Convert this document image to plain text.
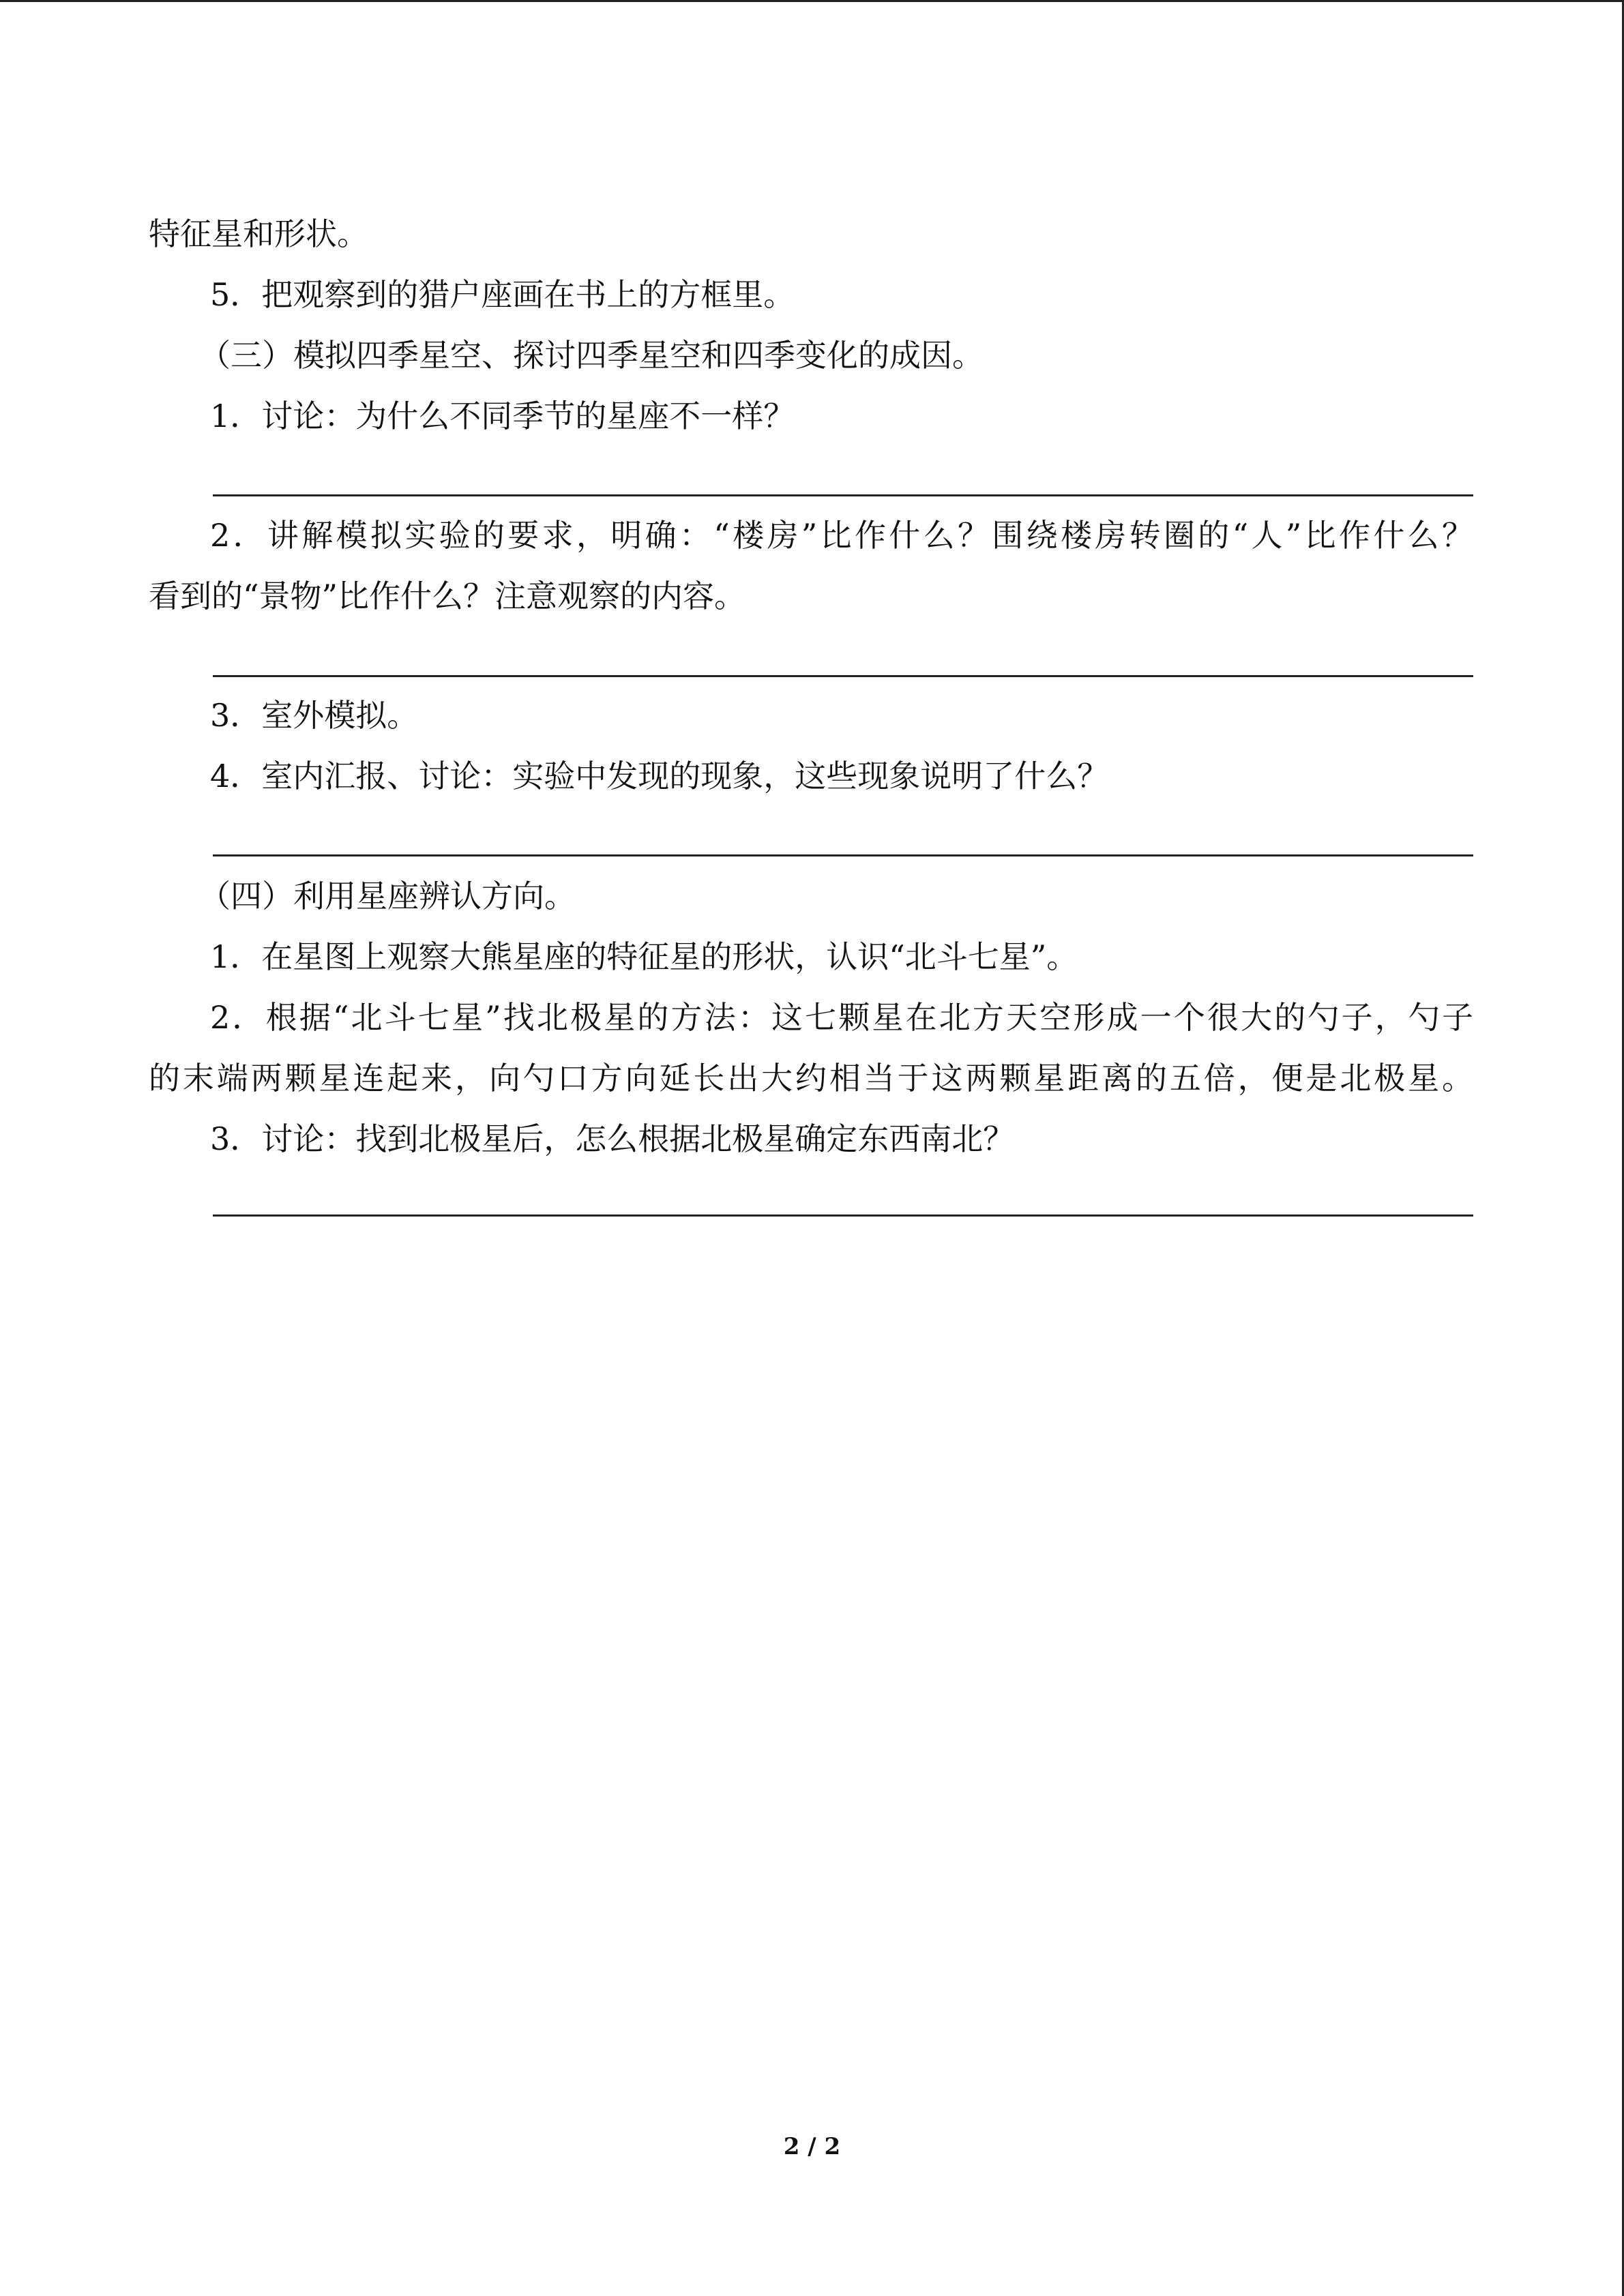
特征星和形状。
5．把观察到的猎户座画在书上的方框里。
（三）模拟四季星空、探讨四季星空和四季变化的成因。
1．讨论：为什么不同季节的星座不一样？
2．讲解模拟实验的要求，明确：“楼房”比作什么？围绕楼房转圈的“人”比作什么？
看到的“景物”比作什么？注意观察的内容。
3．室外模拟。
4．室内汇报、讨论：实验中发现的现象，这些现象说明了什么？
（四）利用星座辨认方向。
1．在星图上观察大熊星座的特征星的形状，认识“北斗七星”。
2．根据“北斗七星”找北极星的方法：这七颗星在北方天空形成一个很大的勺子，勺子
的末端两颗星连起来，向勺口方向延长出大约相当于这两颗星距离的五倍，便是北极星。
3．讨论：找到北极星后，怎么根据北极星确定东西南北？
2 / 2
